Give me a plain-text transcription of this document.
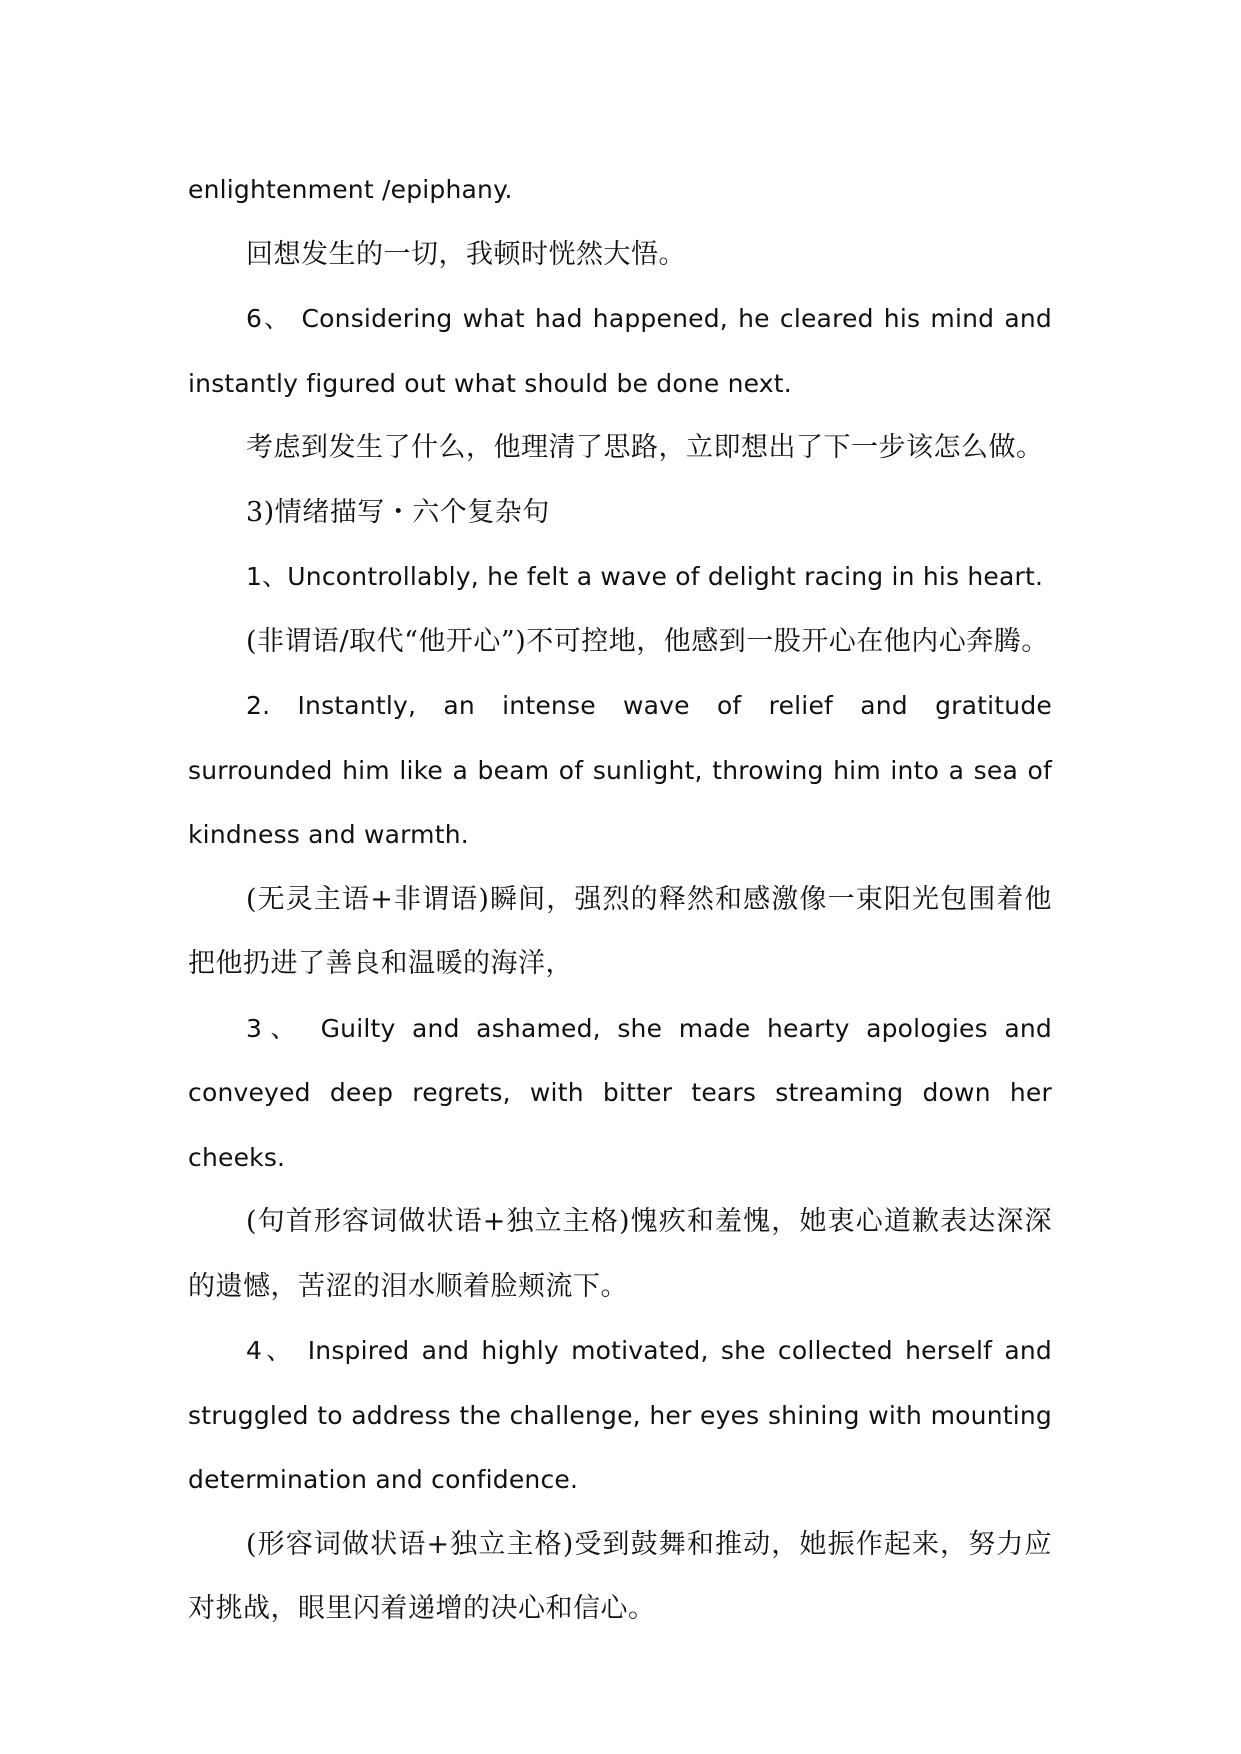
enlightenment /epiphany.

回想发生的一切，我顿时恍然大悟。

6、 Considering what had happened, he cleared his mind and instantly figured out what should be done next.

考虑到发生了什么，他理清了思路，立即想出了下一步该怎么做。

3)情绪描写・六个复杂句

1、Uncontrollably, he felt a wave of delight racing in his heart.

(非谓语/取代“他开心”)不可控地，他感到一股开心在他内心奔腾。

2. Instantly, an intense wave of relief and gratitude surrounded him like a beam of sunlight, throwing him into a sea of kindness and warmth.

(无灵主语+非谓语)瞬间，强烈的释然和感激像一束阳光包围着他把他扔进了善良和温暖的海洋，

3、 Guilty and ashamed, she made hearty apologies and conveyed deep regrets, with bitter tears streaming down her cheeks.

(句首形容词做状语+独立主格)愧疚和羞愧，她衷心道歉表达深深的遗憾，苦涩的泪水顺着脸颊流下。

4、 Inspired and highly motivated, she collected herself and struggled to address the challenge, her eyes shining with mounting determination and confidence.

(形容词做状语+独立主格)受到鼓舞和推动，她振作起来，努力应对挑战，眼里闪着递增的决心和信心。
